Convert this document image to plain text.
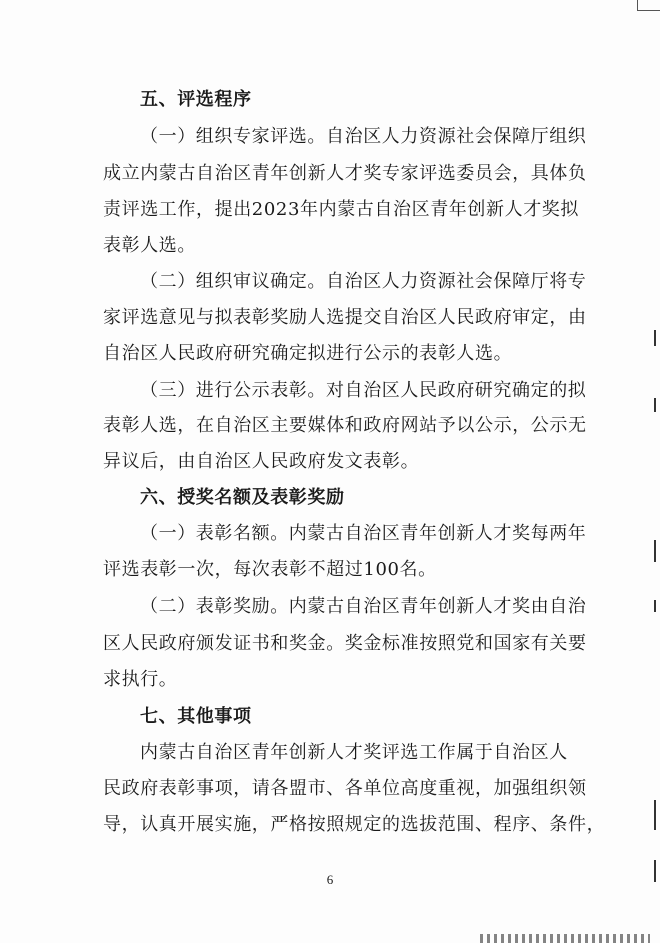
五、评选程序
（一）组织专家评选。自治区人力资源社会保障厅组织
成立内蒙古自治区青年创新人才奖专家评选委员会，具体负
责评选工作，提出2023年内蒙古自治区青年创新人才奖拟
表彰人选。
（二）组织审议确定。自治区人力资源社会保障厅将专
家评选意见与拟表彰奖励人选提交自治区人民政府审定，由
自治区人民政府研究确定拟进行公示的表彰人选。
（三）进行公示表彰。对自治区人民政府研究确定的拟
表彰人选，在自治区主要媒体和政府网站予以公示，公示无
异议后，由自治区人民政府发文表彰。
六、授奖名额及表彰奖励
（一）表彰名额。内蒙古自治区青年创新人才奖每两年
评选表彰一次，每次表彰不超过100名。
（二）表彰奖励。内蒙古自治区青年创新人才奖由自治
区人民政府颁发证书和奖金。奖金标准按照党和国家有关要
求执行。
七、其他事项
内蒙古自治区青年创新人才奖评选工作属于自治区人
民政府表彰事项，请各盟市、各单位高度重视，加强组织领
导，认真开展实施，严格按照规定的选拔范围、程序、条件，
6
